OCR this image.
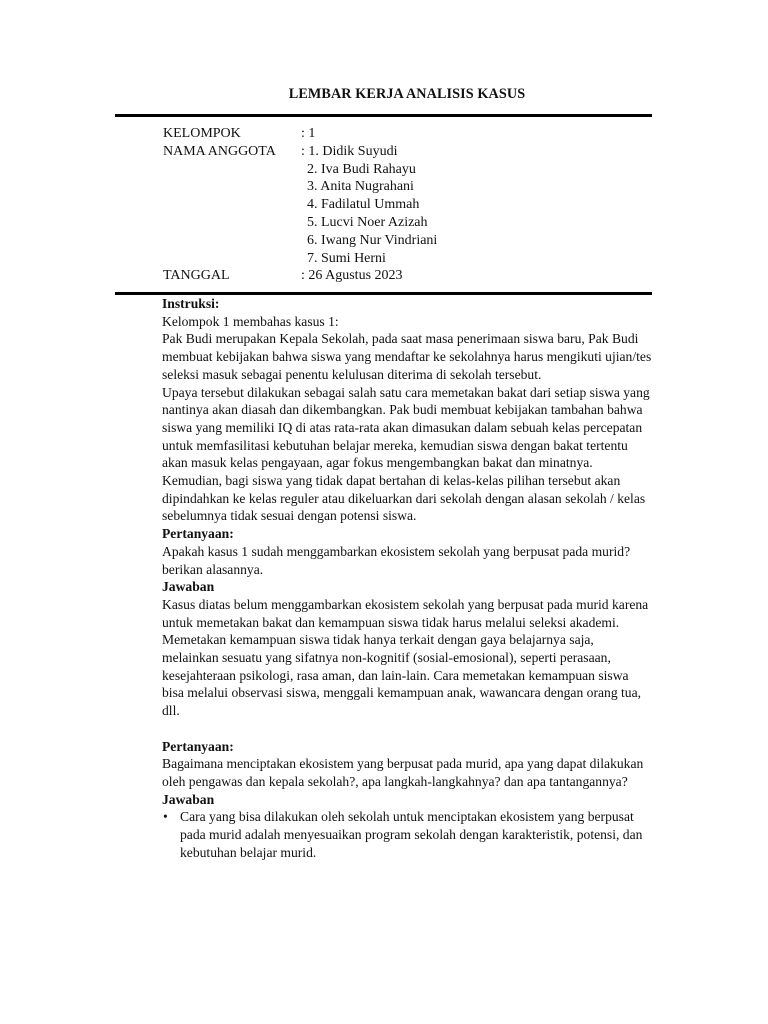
LEMBAR KERJA ANALISIS KASUS
KELOMPOK	: 1
NAMA ANGGOTA	: 1. Didik Suyudi
2. Iva Budi Rahayu
3. Anita Nugrahani
4. Fadilatul Ummah
5. Lucvi Noer Azizah
6. Iwang Nur Vindriani
7. Sumi Herni
TANGGAL	: 26 Agustus 2023

Instruksi:

Kelompok 1 membahas kasus 1:

Pak Budi merupakan Kepala Sekolah, pada saat masa penerimaan siswa baru, Pak Budi membuat kebijakan bahwa siswa yang mendaftar ke sekolahnya harus mengikuti ujian/tes seleksi masuk sebagai penentu kelulusan diterima di sekolah tersebut.

Upaya tersebut dilakukan sebagai salah satu cara memetakan bakat dari setiap siswa yang nantinya akan diasah dan dikembangkan. Pak budi membuat kebijakan tambahan bahwa siswa yang memiliki IQ di atas rata-rata akan dimasukan dalam sebuah kelas percepatan untuk memfasilitasi kebutuhan belajar mereka, kemudian siswa dengan bakat tertentu akan masuk kelas pengayaan, agar fokus mengembangkan bakat dan minatnya.

Kemudian, bagi siswa yang tidak dapat bertahan di kelas-kelas pilihan tersebut akan dipindahkan ke kelas reguler atau dikeluarkan dari sekolah dengan alasan sekolah / kelas sebelumnya tidak sesuai dengan potensi siswa.

Pertanyaan:

Apakah kasus 1 sudah menggambarkan ekosistem sekolah yang berpusat pada murid? berikan alasannya.

Jawaban

Kasus diatas belum menggambarkan ekosistem sekolah yang berpusat pada murid karena untuk memetakan bakat dan kemampuan siswa tidak harus melalui seleksi akademi. Memetakan kemampuan siswa tidak hanya terkait dengan gaya belajarnya saja, melainkan sesuatu yang sifatnya non-kognitif (sosial-emosional), seperti perasaan, kesejahteraan psikologi, rasa aman, dan lain-lain. Cara memetakan kemampuan siswa bisa melalui observasi siswa, menggali kemampuan anak, wawancara dengan orang tua, dll.

Pertanyaan:

Bagaimana menciptakan ekosistem yang berpusat pada murid, apa yang dapat dilakukan oleh pengawas dan kepala sekolah?, apa langkah-langkahnya? dan apa tantangannya?

Jawaban

• Cara yang bisa dilakukan oleh sekolah untuk menciptakan ekosistem yang berpusat pada murid adalah menyesuaikan program sekolah dengan karakteristik, potensi, dan kebutuhan belajar murid.
